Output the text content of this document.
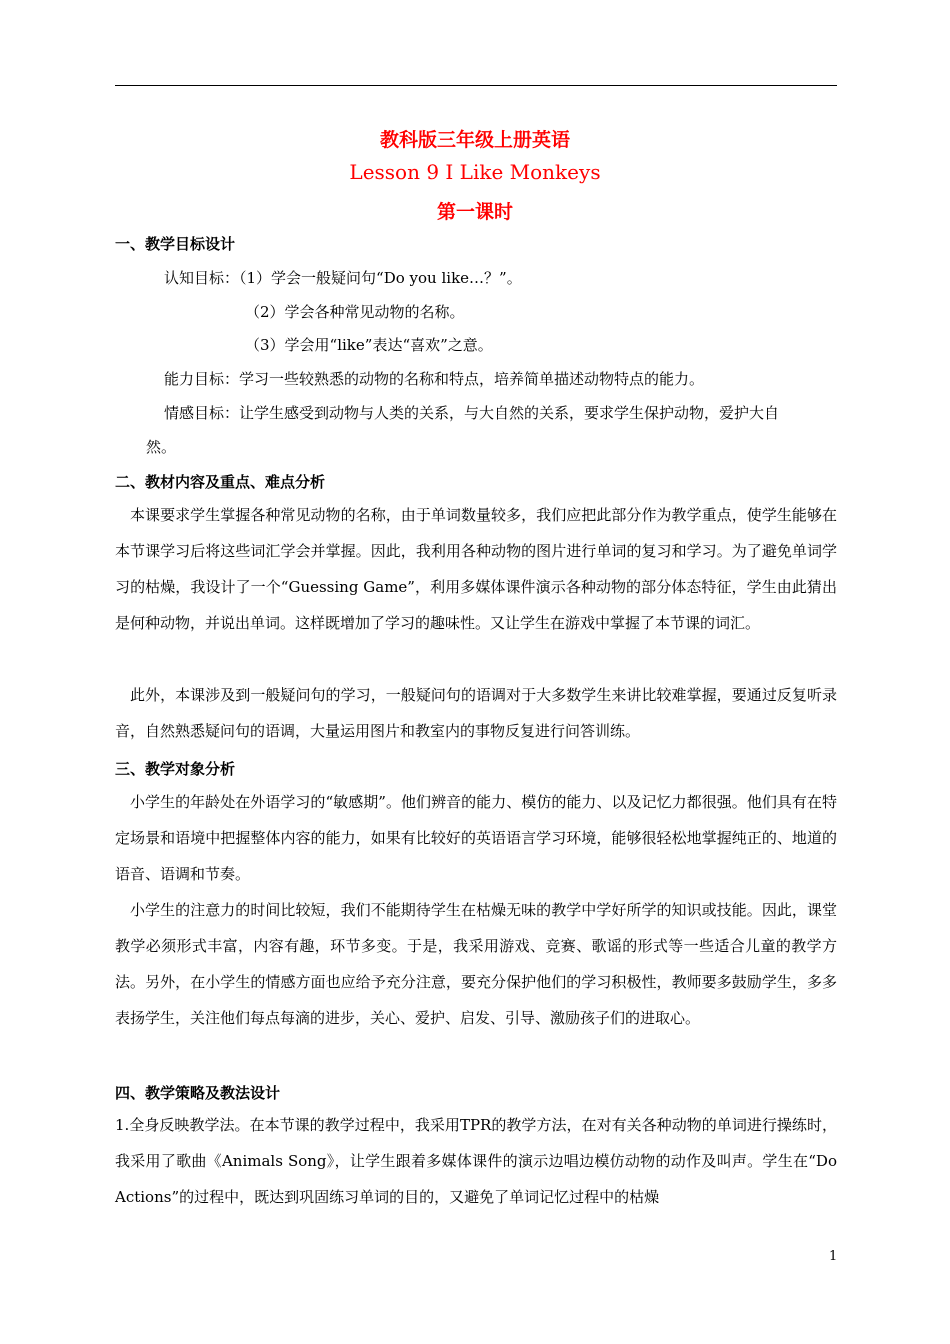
教科版三年级上册英语
Lesson 9 I Like Monkeys
第一课时
一、教学目标设计
认知目标：（1）学会一般疑问句“Do you like…？”。
（2）学会各种常见动物的名称。
（3）学会用“like”表达“喜欢”之意。
能力目标：学习一些较熟悉的动物的名称和特点，培养简单描述动物特点的能力。
情感目标：让学生感受到动物与人类的关系，与大自然的关系，要求学生保护动物，爱护大自
然。
二、教材内容及重点、难点分析
本课要求学生掌握各种常见动物的名称，由于单词数量较多，我们应把此部分作为教学重点，使学生能够在本节课学习后将这些词汇学会并掌握。因此，我利用各种动物的图片进行单词的复习和学习。为了避免单词学习的枯燥，我设计了一个“Guessing Game”，利用多媒体课件演示各种动物的部分体态特征，学生由此猜出是何种动物，并说出单词。这样既增加了学习的趣味性。又让学生在游戏中掌握了本节课的词汇。
此外，本课涉及到一般疑问句的学习，一般疑问句的语调对于大多数学生来讲比较难掌握，要通过反复听录音，自然熟悉疑问句的语调，大量运用图片和教室内的事物反复进行问答训练。
三、教学对象分析
小学生的年龄处在外语学习的“敏感期”。他们辨音的能力、模仿的能力、以及记忆力都很强。他们具有在特定场景和语境中把握整体内容的能力，如果有比较好的英语语言学习环境，能够很轻松地掌握纯正的、地道的语音、语调和节奏。
小学生的注意力的时间比较短，我们不能期待学生在枯燥无味的教学中学好所学的知识或技能。因此，课堂教学必须形式丰富，内容有趣，环节多变。于是，我采用游戏、竞赛、歌谣的形式等一些适合儿童的教学方法。另外，在小学生的情感方面也应给予充分注意，要充分保护他们的学习积极性，教师要多鼓励学生，多多表扬学生，关注他们每点每滴的进步，关心、爱护、启发、引导、激励孩子们的进取心。
四、教学策略及教法设计
1.全身反映教学法。在本节课的教学过程中，我采用TPR的教学方法，在对有关各种动物的单词进行操练时，我采用了歌曲《Animals Song》，让学生跟着多媒体课件的演示边唱边模仿动物的动作及叫声。学生在“Do Actions”的过程中，既达到巩固练习单词的目的，又避免了单词记忆过程中的枯燥
1
